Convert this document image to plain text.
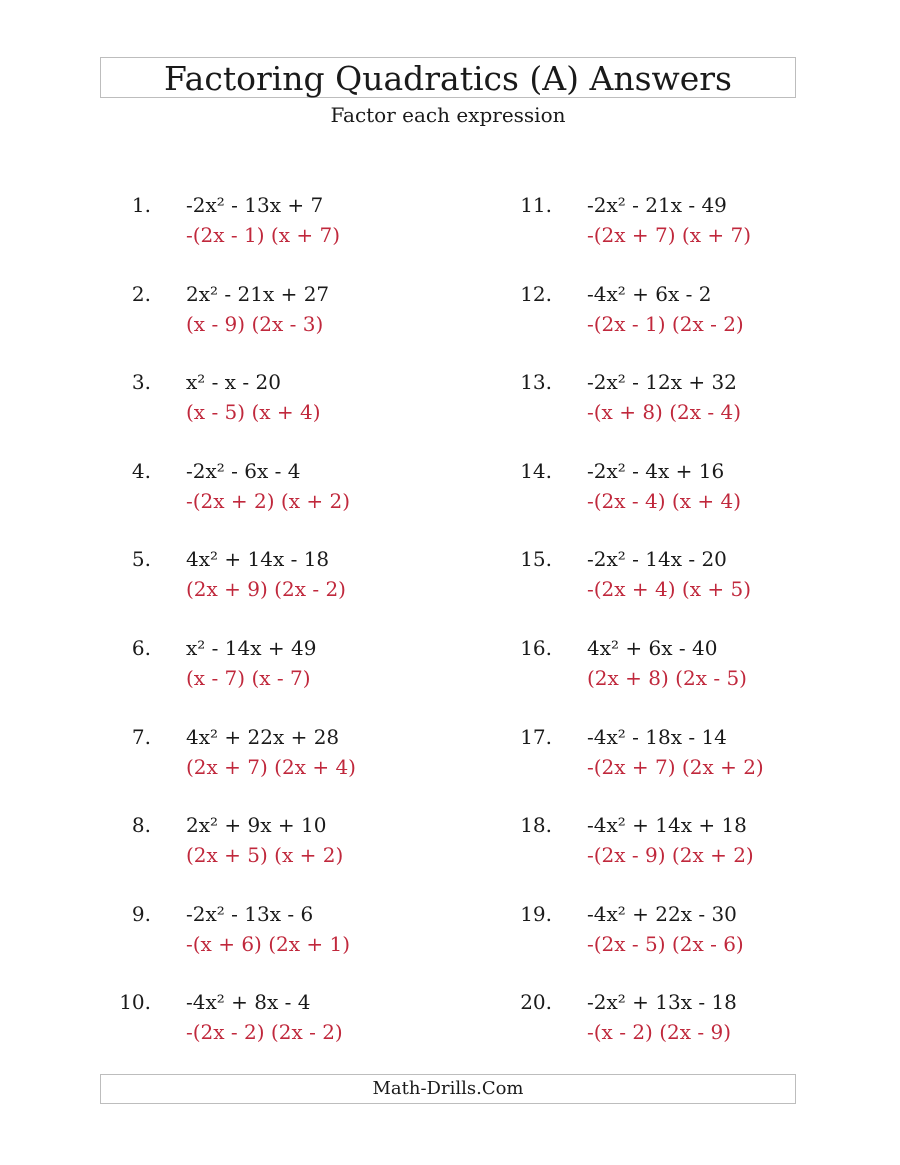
Factoring Quadratics (A) Answers
Factor each expression
1. -2x² - 13x + 7
-(2x - 1) (x + 7)
2. 2x² - 21x + 27
(x - 9) (2x - 3)
3. x² - x - 20
(x - 5) (x + 4)
4. -2x² - 6x - 4
-(2x + 2) (x + 2)
5. 4x² + 14x - 18
(2x + 9) (2x - 2)
6. x² - 14x + 49
(x - 7) (x - 7)
7. 4x² + 22x + 28
(2x + 7) (2x + 4)
8. 2x² + 9x + 10
(2x + 5) (x + 2)
9. -2x² - 13x - 6
-(x + 6) (2x + 1)
10. -4x² + 8x - 4
-(2x - 2) (2x - 2)
11. -2x² - 21x - 49
-(2x + 7) (x + 7)
12. -4x² + 6x - 2
-(2x - 1) (2x - 2)
13. -2x² - 12x + 32
-(x + 8) (2x - 4)
14. -2x² - 4x + 16
-(2x - 4) (x + 4)
15. -2x² - 14x - 20
-(2x + 4) (x + 5)
16. 4x² + 6x - 40
(2x + 8) (2x - 5)
17. -4x² - 18x - 14
-(2x + 7) (2x + 2)
18. -4x² + 14x + 18
-(2x - 9) (2x + 2)
19. -4x² + 22x - 30
-(2x - 5) (2x - 6)
20. -2x² + 13x - 18
-(x - 2) (2x - 9)
Math-Drills.Com
